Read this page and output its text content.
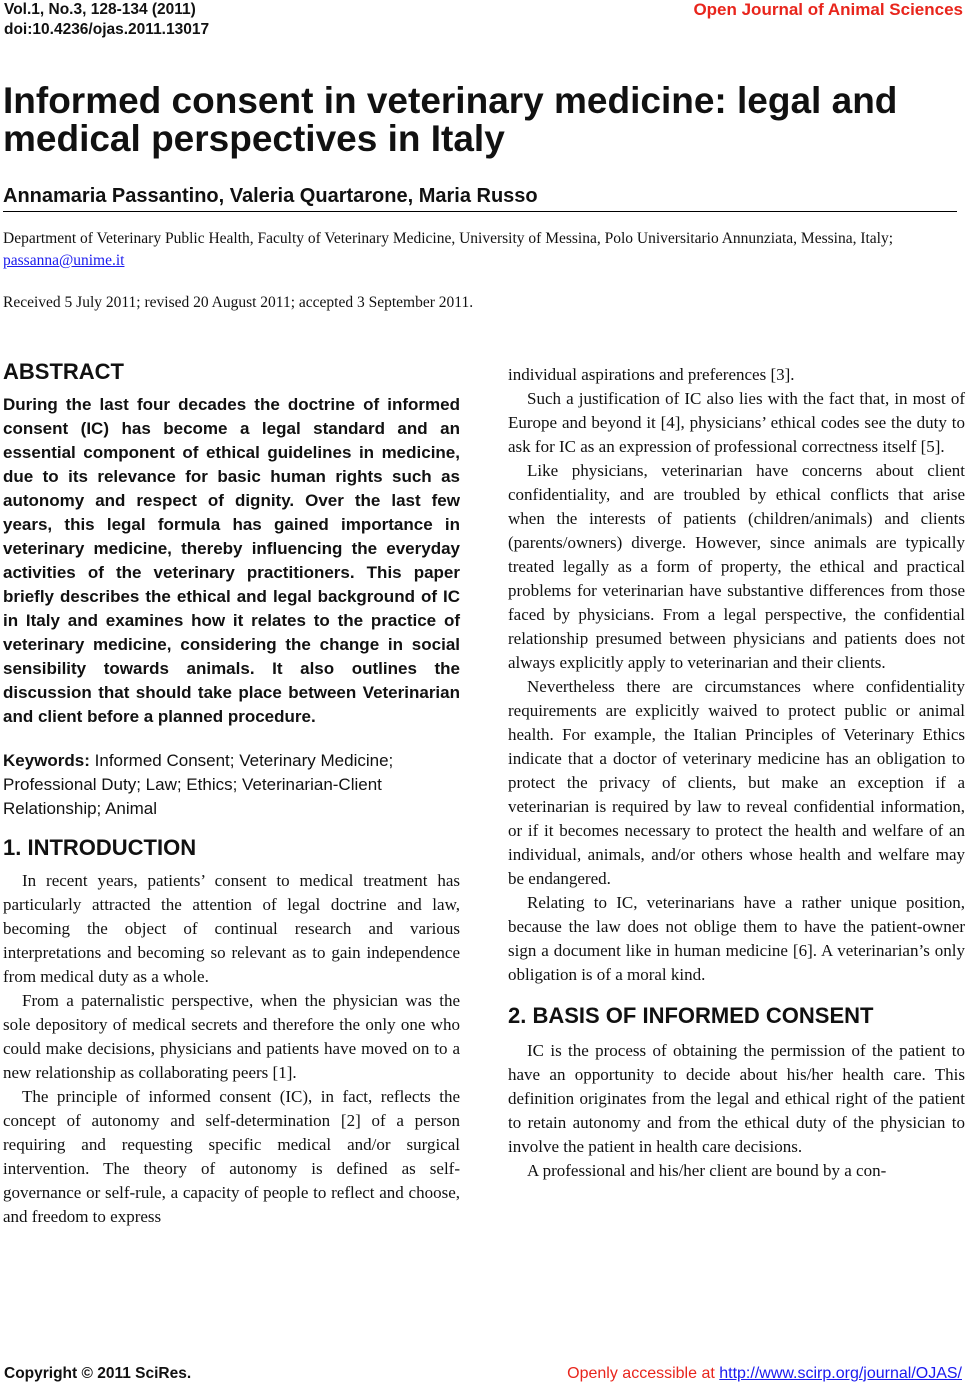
Vol.1, No.3, 128-134 (2011)
doi:10.4236/ojas.2011.13017
Open Journal of Animal Sciences
Informed consent in veterinary medicine: legal and medical perspectives in Italy
Annamaria Passantino, Valeria Quartarone, Maria Russo
Department of Veterinary Public Health, Faculty of Veterinary Medicine, University of Messina, Polo Universitario Annunziata, Messina, Italy; passanna@unime.it
Received 5 July 2011; revised 20 August 2011; accepted 3 September 2011.
ABSTRACT
During the last four decades the doctrine of informed consent (IC) has become a legal standard and an essential component of ethical guidelines in medicine, due to its relevance for basic human rights such as autonomy and respect of dignity. Over the last few years, this legal formula has gained importance in veterinary medicine, thereby influencing the everyday activities of the veterinary practitioners. This paper briefly describes the ethical and legal background of IC in Italy and examines how it relates to the practice of veterinary medicine, considering the change in social sensibility towards animals. It also outlines the discussion that should take place between Veterinarian and client before a planned procedure.
Keywords: Informed Consent; Veterinary Medicine; Professional Duty; Law; Ethics; Veterinarian-Client Relationship; Animal
1. INTRODUCTION

In recent years, patients’ consent to medical treatment has particularly attracted the attention of legal doctrine and law, becoming the object of continual research and various interpretations and becoming so relevant as to gain independence from medical duty as a whole.

From a paternalistic perspective, when the physician was the sole depository of medical secrets and therefore the only one who could make decisions, physicians and patients have moved on to a new relationship as collaborating peers [1].

The principle of informed consent (IC), in fact, reflects the concept of autonomy and self-determination [2] of a person requiring and requesting specific medical and/or surgical intervention. The theory of autonomy is defined as self-governance or self-rule, a capacity of people to reflect and choose, and freedom to express

individual aspirations and preferences [3].

Such a justification of IC also lies with the fact that, in most of Europe and beyond it [4], physicians’ ethical codes see the duty to ask for IC as an expression of professional correctness itself [5].

Like physicians, veterinarian have concerns about client confidentiality, and are troubled by ethical conflicts that arise when the interests of patients (children/animals) and clients (parents/owners) diverge. However, since animals are typically treated legally as a form of property, the ethical and practical problems for veterinarian have substantive differences from those faced by physicians. From a legal perspective, the confidential relationship presumed between physicians and patients does not always explicitly apply to veterinarian and their clients.

Nevertheless there are circumstances where confidentiality requirements are explicitly waived to protect public or animal health. For example, the Italian Principles of Veterinary Ethics indicate that a doctor of veterinary medicine has an obligation to protect the privacy of clients, but make an exception if a veterinarian is required by law to reveal confidential information, or if it becomes necessary to protect the health and welfare of an individual, animals, and/or others whose health and welfare may be endangered.

Relating to IC, veterinarians have a rather unique position, because the law does not oblige them to have the patient-owner sign a document like in human medicine [6]. A veterinarian’s only obligation is of a moral kind.

2. BASIS OF INFORMED CONSENT

IC is the process of obtaining the permission of the patient to have an opportunity to decide about his/her health care. This definition originates from the legal and ethical right of the patient to retain autonomy and from the ethical duty of the physician to involve the patient in health care decisions.

A professional and his/her client are bound by a con-

Copyright © 2011 SciRes.	Openly accessible at http://www.scirp.org/journal/OJAS/
